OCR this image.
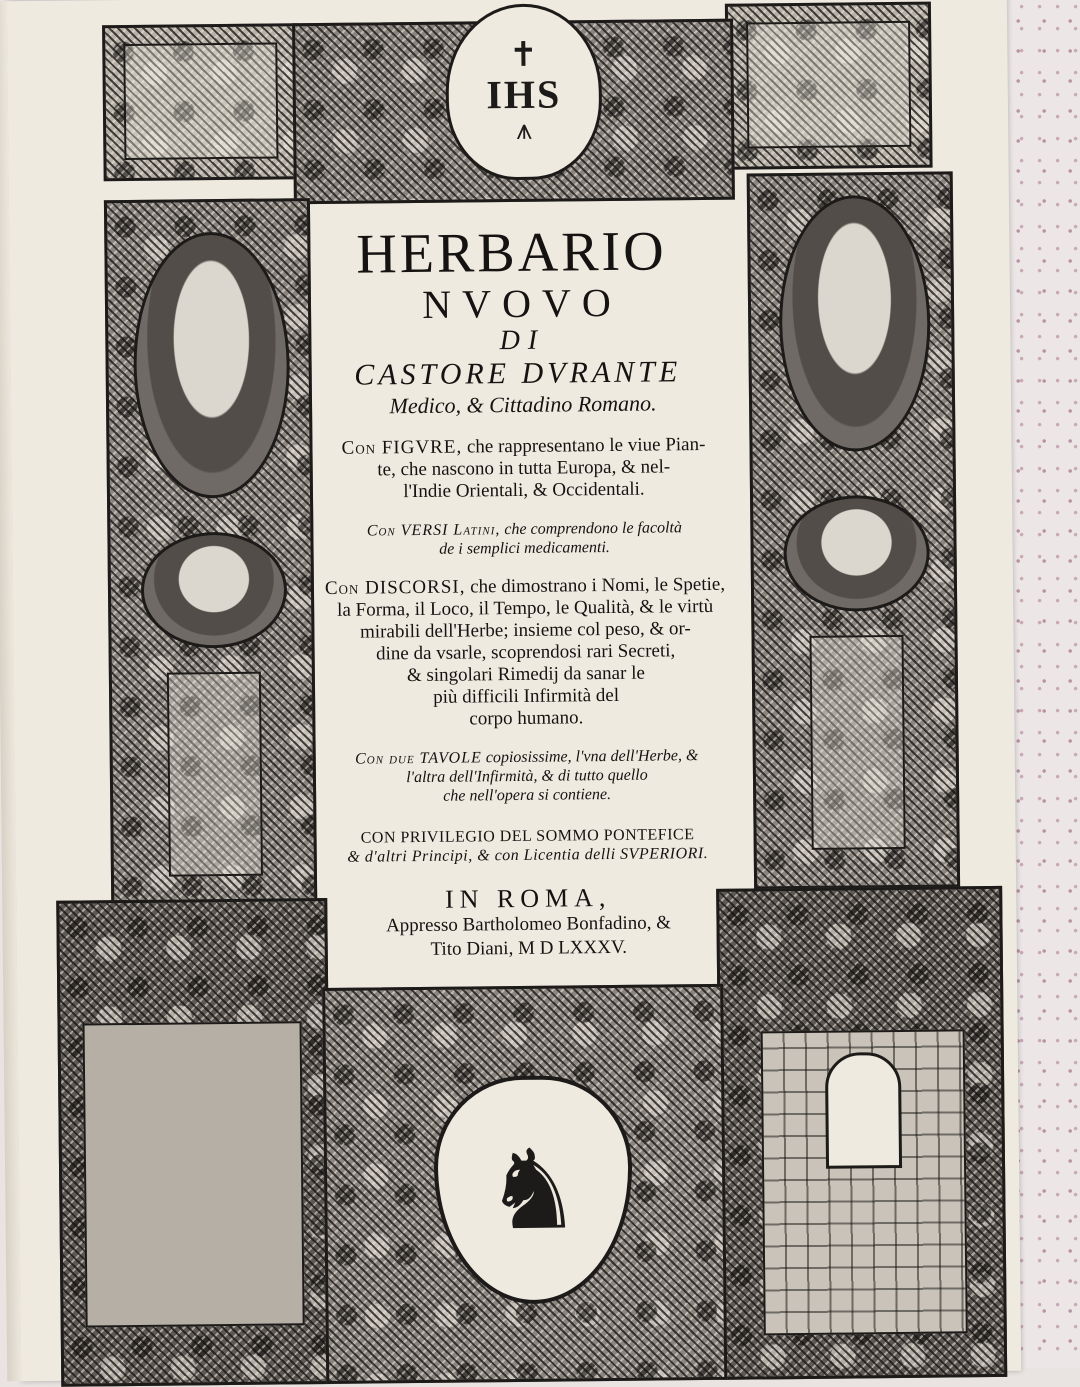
✝
IHS
⩚
♞
HERBARIO
NVOVO
DI
CASTORE DVRANTE
Medico, & Cittadino Romano.
Con FIGVRE, che rappresentano le viue Pian-
te, che nascono in tutta Europa, & nel-
l'Indie Orientali, & Occidentali.
Con VERSI Latini, che comprendono le facoltà
de i semplici medicamenti.
Con DISCORSI, che dimostrano i Nomi, le Spetie,
la Forma, il Loco, il Tempo, le Qualità, & le virtù
mirabili dell'Herbe; insieme col peso, & or-
dine da vsarle, scoprendosi rari Secreti,
& singolari Rimedij da sanar le
più difficili Infirmità del
corpo humano.
Con due TAVOLE copiosissime, l'vna dell'Herbe, &
l'altra dell'Infirmità, & di tutto quello
che nell'opera si contiene.
CON PRIVILEGIO DEL SOMMO PONTEFICE
& d'altri Principi, & con Licentia delli SVPERIORI.
IN ROMA,
Appresso Bartholomeo Bonfadino, &
Tito Diani, M D LXXXV.
